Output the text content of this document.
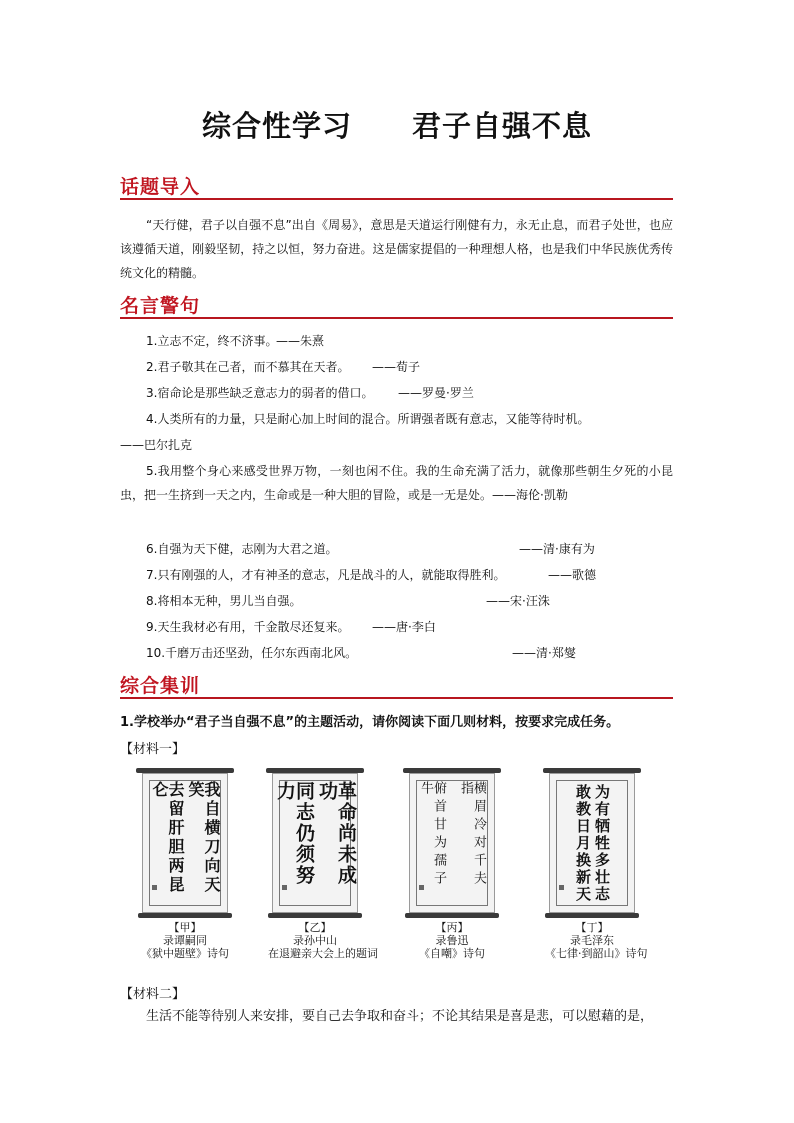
综合性学习　　君子自强不息
话题导入
“天行健，君子以自强不息”出自《周易》，意思是天道运行刚健有力，永无止息，而君子处世，也应该遵循天道，刚毅坚韧，持之以恒，努力奋进。这是儒家提倡的一种理想人格，也是我们中华民族优秀传统文化的精髓。
名言警句
1.立志不定，终不济事。
——朱熹
2.君子敬其在己者，而不慕其在天者。 ——荀子
3.宿命论是那些缺乏意志力的弱者的借口。 ——罗曼·罗兰
4.人类所有的力量，只是耐心加上时间的混合。所谓强者既有意志，又能等待时机。
——巴尔扎克
5.我用整个身心来感受世界万物，一刻也闲不住。我的生命充满了活力，就像那些朝生夕死的小昆虫，把一生挤到一天之内，生命或是一种大胆的冒险，或是一无是处。——海伦·凯勒
6.自强为天下健，志刚为大君之道。	——清·康有为
7.只有刚强的人，才有神圣的意志，凡是战斗的人，就能取得胜利。	——歌德
8.将相本无种，男儿当自强。	——宋·汪洙
9.天生我材必有用，千金散尽还复来。 ——唐·李白
10.千磨万击还坚劲，任尔东西南北风。	——清·郑燮
综合集训
1.学校举办“君子当自强不息”的主题活动，请你阅读下面几则材料，按要求完成任务。
【材料一】
我自横刀向天笑
去留肝胆两昆仑
【甲】
录谭嗣同
《狱中题壁》诗句
革命尚未成功
同志仍须努力
【乙】
录孙中山
在退避亲大会上的题词
横眉冷对千夫指
俯首甘为孺子牛
【丙】
录鲁迅
《自嘲》诗句
为有牺牲多壮志
敢教日月换新天
【丁】
录毛泽东
《七律·到韶山》诗句
【材料二】
生活不能等待别人来安排，要自己去争取和奋斗；不论其结果是喜是悲，可以慰藉的是，
